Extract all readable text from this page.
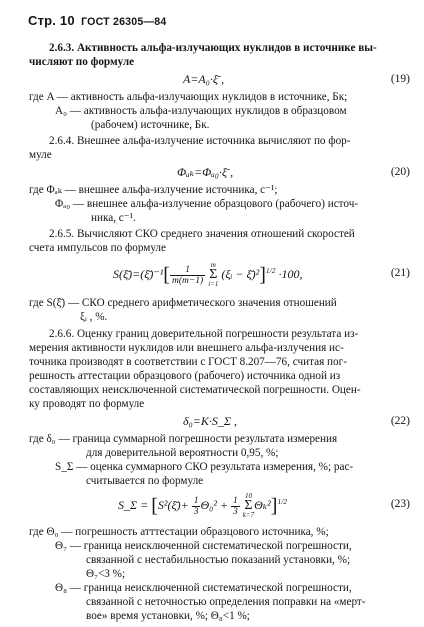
Стр. 10 ГОСТ 26305—84
2.6.3. Активность альфа-излучающих нуклидов в источнике вы-
числяют по формуле
A=A₀·ξ̄ ,	(19)
где A — активность альфа-излучающих нуклидов в источнике, Бк;
A₀ — активность альфа-излучающих нуклидов в образцовом
(рабочем) источнике, Бк.
2.6.4. Внешнее альфа-излучение источника вычисляют по фор-
муле
Φₐₖ=Φₐ₀·ξ̄ ,	(20)
где Φₐₖ — внешнее альфа-излучение источника, с⁻¹;
Φₐ₀ — внешнее альфа-излучение образцового (рабочего) источ-
ника, с⁻¹.
2.6.5. Вычисляют СКО среднего значения отношений скоростей
счета импульсов по формуле
S(ξ̄)=(ξ̄)⁻¹[ $\frac{1}{m(m-1)}$ m
Σ
i=1 (ξᵢ − ξ̄)²]$^{1/2}$ ·100,	(21)
где S(ξ̄) — СКО среднего арифметического значения отношений
ξᵢ , %.
2.6.6. Оценку границ доверительной погрешности результата из-
мерения активности нуклидов или внешнего альфа-излучения ис-
точника производят в соответствии с ГОСТ 8.207—76, считая пог-
решность аттестации образцового (рабочего) источника одной из
составляющих неисключенной систематической погрешности. Оцен-
ку проводят по формуле
δ₀=K·S_Σ ,	(22)
где δ₀ — граница суммарной погрешности результата измерения
для доверительной вероятности 0,95, %;
S_Σ — оценка суммарного СКО результата измерения, %; рас-
считывается по формуле
S_Σ = [S²(ξ̄)+ $\frac{1}{3} \Theta_0^2 + \frac{1}{3} 10$
Σ
k=7Θₖ²]$^{1/2}$	(23)
где Θ₀ — погрешность атттестации образцового источника, %;
Θ₇ — граница неисключенной систематической погрешности,
связанной с нестабильностью показаний установки, %;
Θ₇<3 %;
Θ₈ — граница неисключенной систематической погрешности,
связанной с неточностью определения поправки на «мерт-
вое» время установки, %; Θ₈<1 %;
